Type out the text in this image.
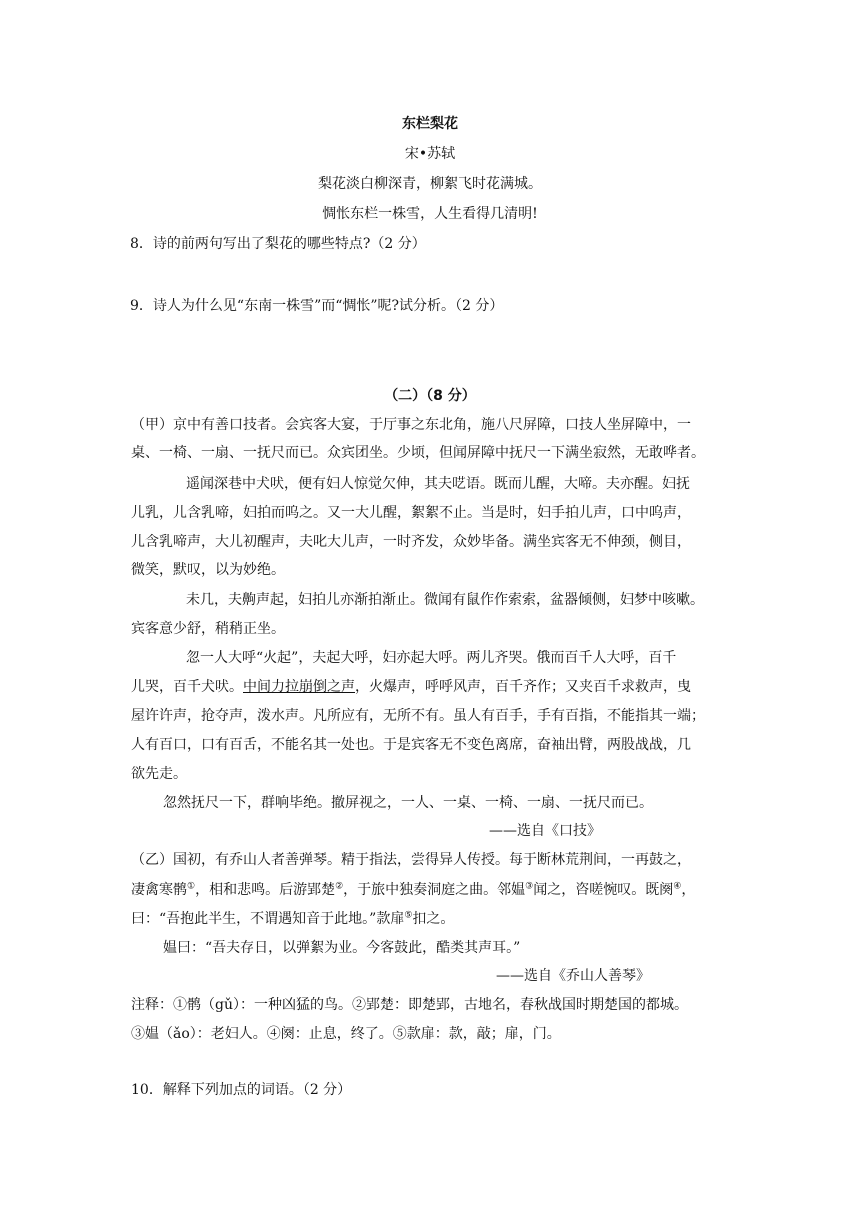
东栏梨花
宋•苏轼
梨花淡白柳深青，柳絮飞时花满城。
惆怅东栏一株雪，人生看得几清明!
8．诗的前两句写出了梨花的哪些特点?（2 分）
9．诗人为什么见“东南一株雪”而“惆怅”呢?试分析。（2 分）
（二）（8 分）
（甲）京中有善口技者。会宾客大宴，于厅事之东北角，施八尺屏障，口技人坐屏障中，一
桌、一椅、一扇、一抚尺而已。众宾团坐。少顷，但闻屏障中抚尺一下满坐寂然，无敢哗者。
遥闻深巷中犬吠，便有妇人惊觉欠伸，其夫呓语。既而儿醒，大啼。夫亦醒。妇抚
儿乳，儿含乳啼，妇拍而呜之。又一大儿醒，絮絮不止。当是时，妇手拍儿声，口中呜声，
儿含乳啼声，大儿初醒声，夫叱大儿声，一时齐发，众妙毕备。满坐宾客无不伸颈，侧目，
微笑，默叹，以为妙绝。
未几，夫齁声起，妇拍儿亦渐拍渐止。微闻有鼠作作索索，盆器倾侧，妇梦中咳嗽。
宾客意少舒，稍稍正坐。
忽一人大呼“火起”，夫起大呼，妇亦起大呼。两儿齐哭。俄而百千人大呼，百千
儿哭，百千犬吠。中间力拉崩倒之声，火爆声，呼呼风声，百千齐作；又夹百千求救声，曳
屋许许声，抢夺声，泼水声。凡所应有，无所不有。虽人有百手，手有百指，不能指其一端；
人有百口，口有百舌，不能名其一处也。于是宾客无不变色离席，奋袖出臂，两股战战，几
欲先走。
忽然抚尺一下，群响毕绝。撤屏视之，一人、一桌、一椅、一扇、一抚尺而已。
——选自《口技》
（乙）国初，有乔山人者善弹琴。精于指法，尝得异人传授。每于断林荒荆间，一再鼓之，
凄禽寒鹘①，相和悲鸣。后游郢楚②，于旅中独奏洞庭之曲。邻媪③闻之，咨嗟惋叹。既阕④，
曰：“吾抱此半生，不谓遇知音于此地。”款扉⑤扣之。
媪曰：“吾夫存日，以弹絮为业。今客鼓此，酷类其声耳。”
——选自《乔山人善琴》
注释：①鹘（gǔ）：一种凶猛的鸟。②郢楚：即楚郢，古地名，春秋战国时期楚国的都城。
③媪（ǎo）：老妇人。④阕：止息，终了。⑤款扉：款，敲；扉，门。
10．解释下列加点的词语。（2 分）
